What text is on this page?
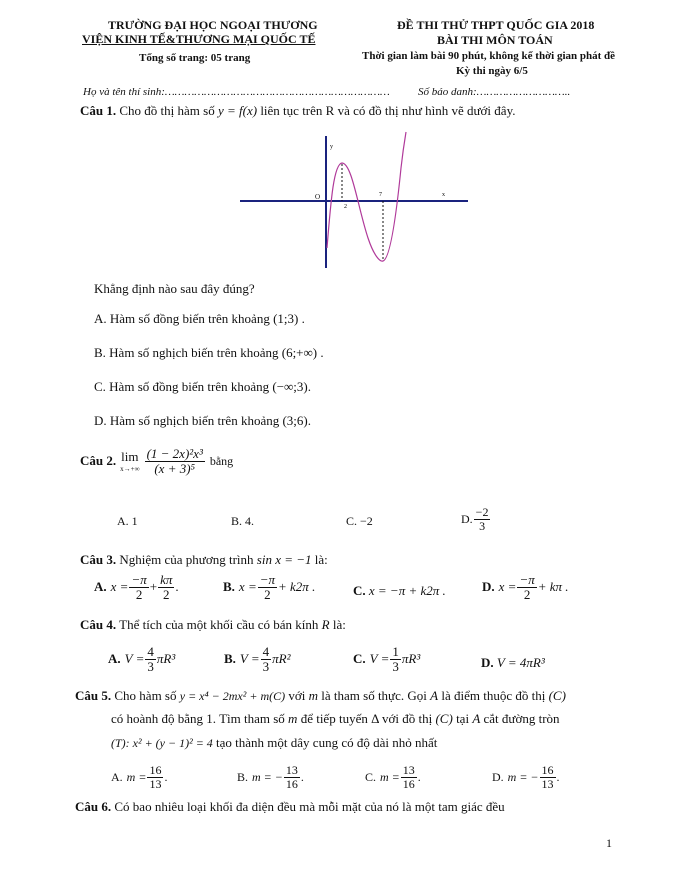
TRƯỜNG ĐẠI HỌC NGOẠI THƯƠNG
VIỆN KINH TẾ&THƯƠNG MẠI QUỐC TẾ
Tổng số trang: 05 trang
ĐỀ THI THỬ THPT QUỐC GIA 2018
BÀI THI MÔN TOÁN
Thời gian làm bài 90 phút, không kể thời gian phát đề
Kỳ thi ngày 6/5
Họ và tên thí sinh:……………………………………………………………	Số báo danh:………………………..
Câu 1. Cho đồ thị hàm số y = f(x) liên tục trên R và có đồ thị như hình vẽ dưới đây.
y
x
O
2
7
Khẳng định nào sau đây đúng?
A. Hàm số đồng biến trên khoảng (1;3) .
B. Hàm số nghịch biến trên khoảng (6;+∞) .
C. Hàm số đồng biến trên khoảng (−∞;3).
D. Hàm số nghịch biến trên khoảng (3;6).
Câu 2. lim
$x\to+\infty \frac{\text{(1 − 2x)²x³}}{\text{(x + 3)⁵}}$ bằng
A. 1	B. 4.	C. −2	D. $\frac{-2}{3}$
Câu 3. Nghiệm của phương trình sin x = −1 là:
A. $x = \frac{-\pi}{2} + \frac{k\pi}{2}$ .	B. $x = \frac{-\pi}{2} + k2\pi$ .	C. x = −π + k2π .	D. $x = \frac{-\pi}{2} + k\pi$ .
Câu 4. Thể tích của một khối cầu có bán kính R là:
A. $V = \frac{4}{3} \pi R^3$	B. $V = \frac{4}{3} \pi R^2$	C. $V = \frac{1}{3} \pi R^3$	D. V = 4πR³
Câu 5. Cho hàm số y = x⁴ − 2mx² + m(C) với m là tham số thực. Gọi A là điểm thuộc đồ thị (C)
có hoành độ bằng 1. Tìm tham số m để tiếp tuyến Δ với đồ thị (C) tại A cắt đường tròn
(T): x² + (y − 1)² = 4 tạo thành một dây cung có độ dài nhỏ nhất
A. $m = \frac{16}{13}$ .	B. m = − $\frac{13}{16}$ .	C. $m = \frac{13}{16}$ .	D. m = − $\frac{16}{13}$ .
Câu 6. Có bao nhiêu loại khối đa diện đều mà mỗi mặt của nó là một tam giác đều
1
